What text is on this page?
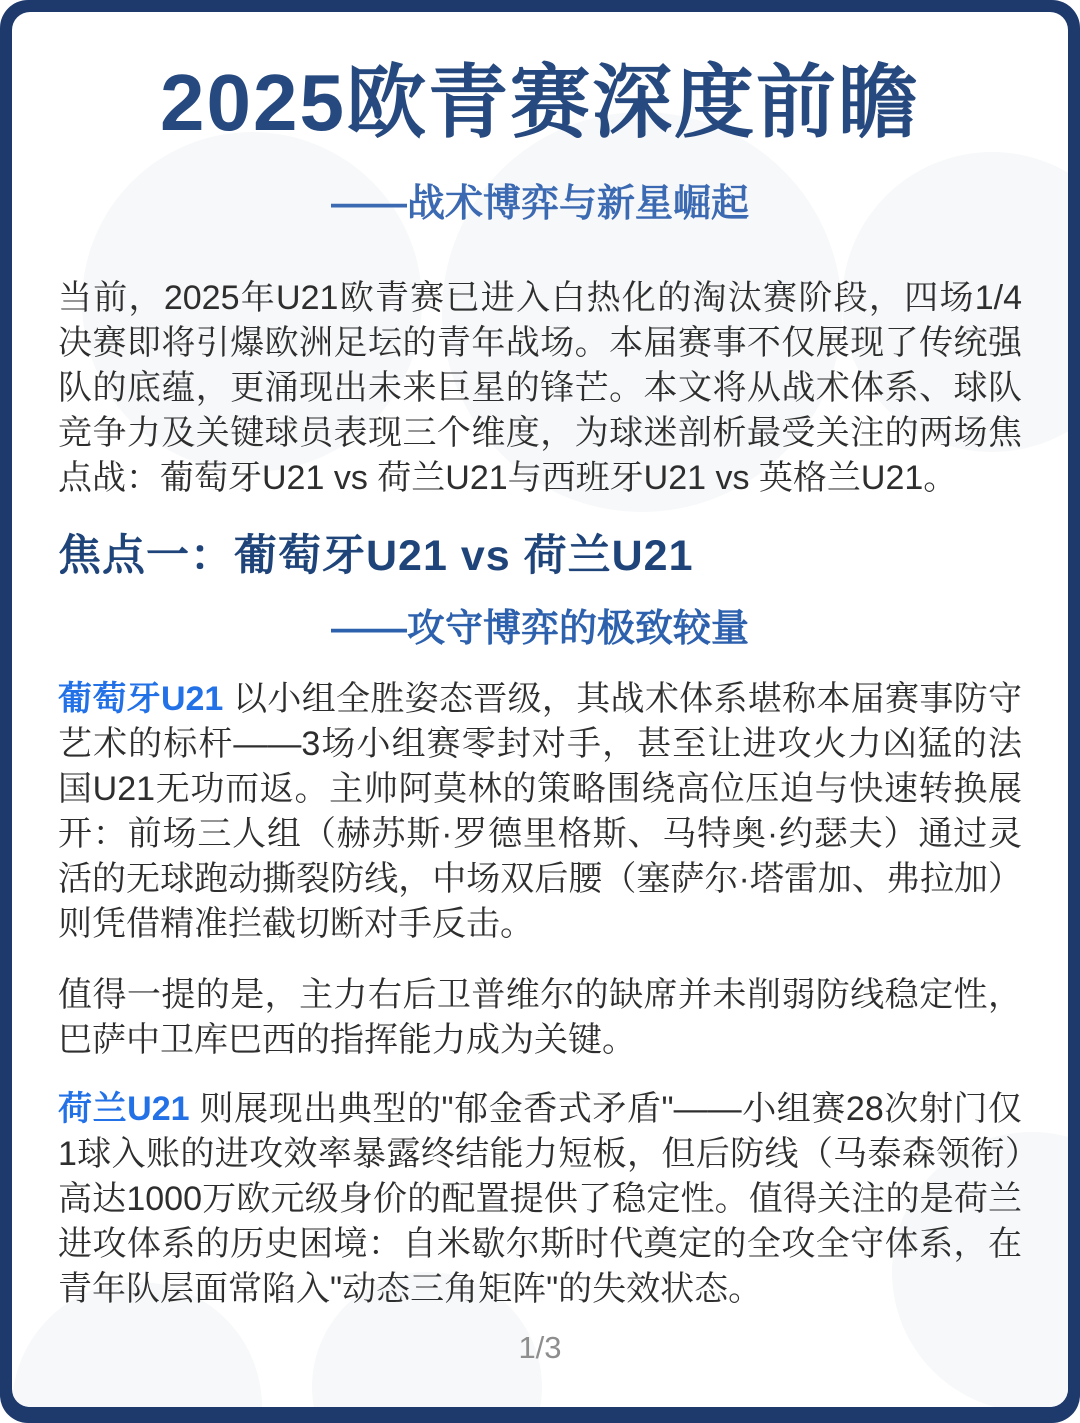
2025欧青赛深度前瞻
——战术博弈与新星崛起

当前，2025年U21欧青赛已进入白热化的淘汰赛阶段，四场1/4决赛即将引爆欧洲足坛的青年战场。本届赛事不仅展现了传统强队的底蕴，更涌现出未来巨星的锋芒。本文将从战术体系、球队竞争力及关键球员表现三个维度，为球迷剖析最受关注的两场焦点战：葡萄牙U21 vs 荷兰U21与西班牙U21 vs 英格兰U21。

焦点一：葡萄牙U21 vs 荷兰U21
——攻守博弈的极致较量

葡萄牙U21 以小组全胜姿态晋级，其战术体系堪称本届赛事防守艺术的标杆——3场小组赛零封对手，甚至让进攻火力凶猛的法国U21无功而返。主帅阿莫林的策略围绕高位压迫与快速转换展开：前场三人组（赫苏斯·罗德里格斯、马特奥·约瑟夫）通过灵活的无球跑动撕裂防线，中场双后腰（塞萨尔·塔雷加、弗拉加）则凭借精准拦截切断对手反击。

值得一提的是，主力右后卫普维尔的缺席并未削弱防线稳定性，巴萨中卫库巴西的指挥能力成为关键。

荷兰U21 则展现出典型的"郁金香式矛盾"——小组赛28次射门仅1球入账的进攻效率暴露终结能力短板，但后防线（马泰森领衔）高达1000万欧元级身价的配置提供了稳定性。值得关注的是荷兰进攻体系的历史困境：自米歇尔斯时代奠定的全攻全守体系，在青年队层面常陷入"动态三角矩阵"的失效状态。

1/3
